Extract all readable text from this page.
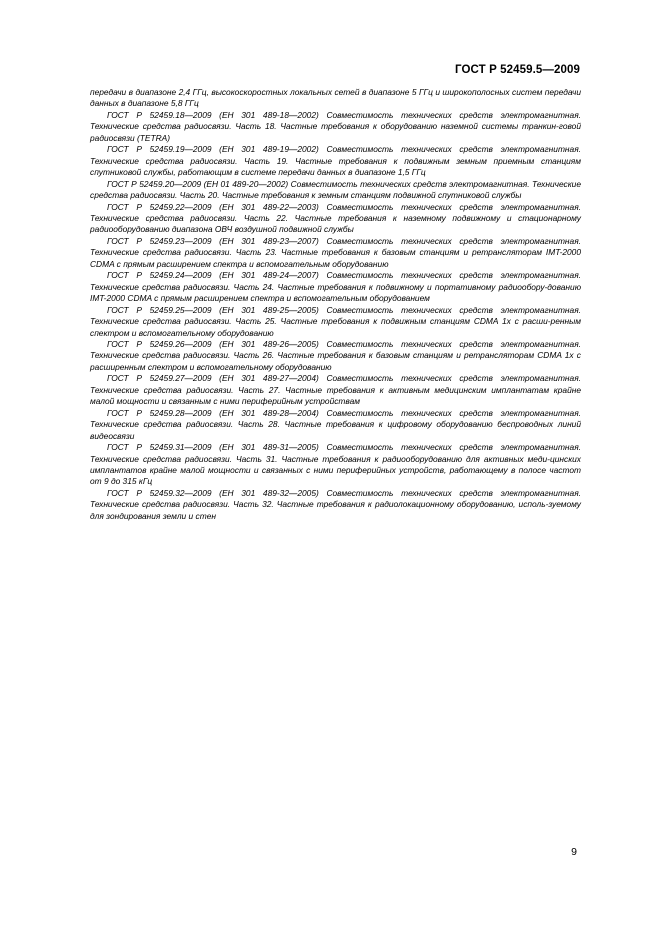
ГОСТ Р 52459.5—2009

передачи в диапазоне 2,4 ГГц, высокоскоростных локальных сетей в диапазоне 5 ГГц и широкополосных систем передачи данных в диапазоне 5,8 ГГц

ГОСТ Р 52459.18—2009 (ЕН 301 489-18—2002) Совместимость технических средств электромагнитная. Технические средства радиосвязи. Часть 18. Частные требования к оборудованию наземной системы транкин-говой радиосвязи (TETRA)

ГОСТ Р 52459.19—2009 (ЕН 301 489-19—2002) Совместимость технических средств электромагнитная. Технические средства радиосвязи. Часть 19. Частные требования к подвижным земным приемным станциям спутниковой службы, работающим в системе передачи данных в диапазоне 1,5 ГГц

ГОСТ Р 52459.20—2009 (ЕН 01 489-20—2002) Совместимость технических средств электромагнитная. Технические средства радиосвязи. Часть 20. Частные требования к земным станциям подвижной спутниковой службы

ГОСТ Р 52459.22—2009 (ЕН 301 489-22—2003) Совместимость технических средств электромагнитная. Технические средства радиосвязи. Часть 22. Частные требования к наземному подвижному и стационарному радиооборудованию диапазона ОВЧ воздушной подвижной службы

ГОСТ Р 52459.23—2009 (ЕН 301 489-23—2007) Совместимость технических средств электромагнитная. Технические средства радиосвязи. Часть 23. Частные требования к базовым станциям и ретрансляторам IMT-2000 CDMA с прямым расширением спектра и вспомогательным оборудованию

ГОСТ Р 52459.24—2009 (ЕН 301 489-24—2007) Совместимость технических средств электромагнитная. Технические средства радиосвязи. Часть 24. Частные требования к подвижному и портативному радиообору-дованию IMT-2000 CDMA с прямым расширением спектра и вспомогательным оборудованием

ГОСТ Р 52459.25—2009 (ЕН 301 489-25—2005) Совместимость технических средств электромагнитная. Технические средства радиосвязи. Часть 25. Частные требования к подвижным станциям CDMA 1x с расши-ренным спектром и вспомогательному оборудованию

ГОСТ Р 52459.26—2009 (ЕН 301 489-26—2005) Совместимость технических средств электромагнитная. Технические средства радиосвязи. Часть 26. Частные требования к базовым станциям и ретрансляторам CDMA 1x с расширенным спектром и вспомогательному оборудованию

ГОСТ Р 52459.27—2009 (ЕН 301 489-27—2004) Совместимость технических средств электромагнитная. Технические средства радиосвязи. Часть 27. Частные требования к активным медицинским имплантатам крайне малой мощности и связанным с ними периферийным устройствам

ГОСТ Р 52459.28—2009 (ЕН 301 489-28—2004) Совместимость технических средств электромагнитная. Технические средства радиосвязи. Часть 28. Частные требования к цифровому оборудованию беспроводных линий видеосвязи

ГОСТ Р 52459.31—2009 (ЕН 301 489-31—2005) Совместимость технических средств электромагнитная. Технические средства радиосвязи. Часть 31. Частные требования к радиооборудованию для активных меди-цинских имплантатов крайне малой мощности и связанных с ними периферийных устройств, работающему в полосе частот от 9 до 315 кГц

ГОСТ Р 52459.32—2009 (ЕН 301 489-32—2005) Совместимость технических средств электромагнитная. Технические средства радиосвязи. Часть 32. Частные требования к радиолокационному оборудованию, исполь-зуемому для зондирования земли и стен

9
